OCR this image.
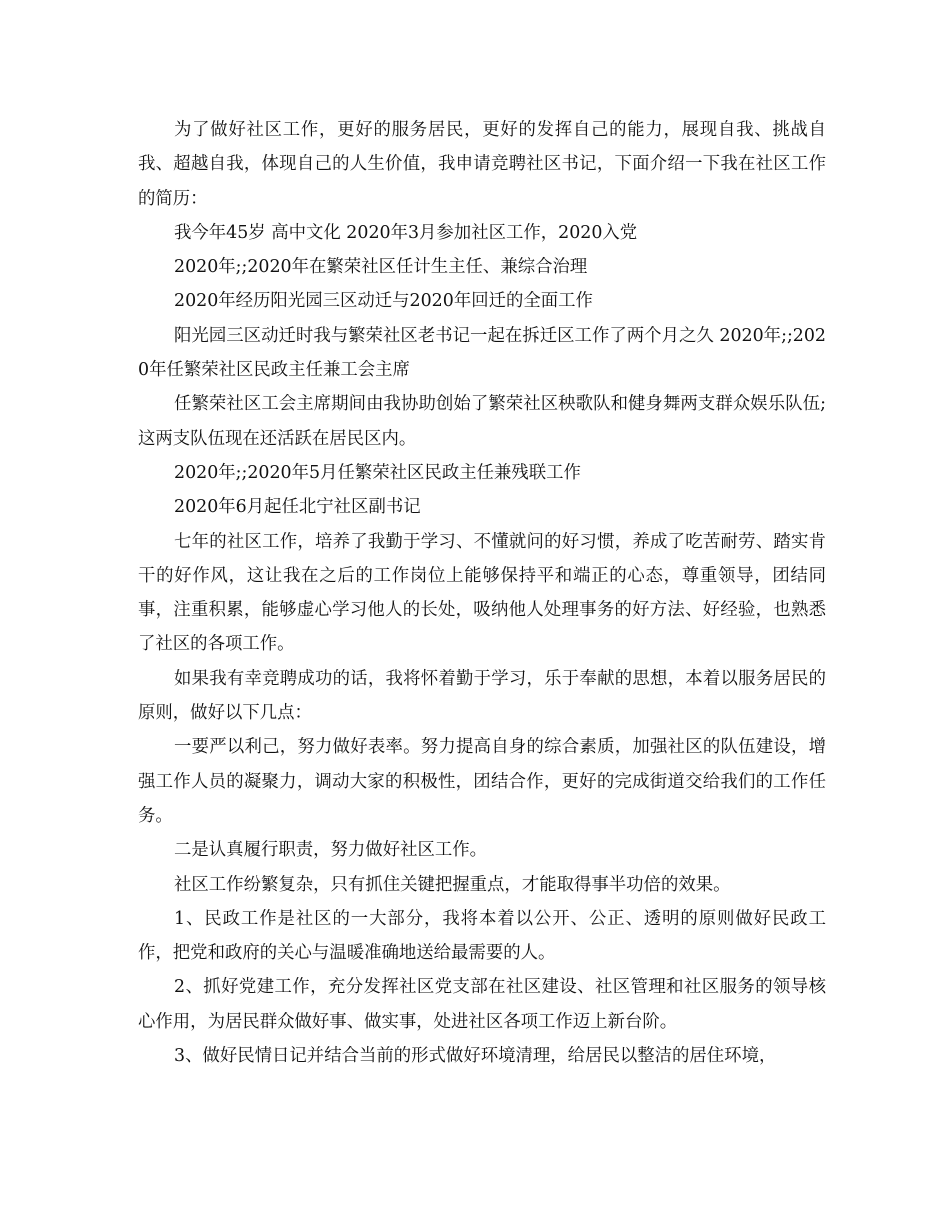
为了做好社区工作，更好的服务居民，更好的发挥自己的能力，展现自我、挑战自我、超越自我，体现自己的人生价值，我申请竞聘社区书记，下面介绍一下我在社区工作的简历：

我今年45岁 高中文化 2020年3月参加社区工作，2020入党

2020年;;2020年在繁荣社区任计生主任、兼综合治理

2020年经历阳光园三区动迁与2020年回迁的全面工作

阳光园三区动迁时我与繁荣社区老书记一起在拆迁区工作了两个月之久 2020年;;2020年任繁荣社区民政主任兼工会主席

任繁荣社区工会主席期间由我协助创始了繁荣社区秧歌队和健身舞两支群众娱乐队伍;这两支队伍现在还活跃在居民区内。

2020年;;2020年5月任繁荣社区民政主任兼残联工作

2020年6月起任北宁社区副书记

七年的社区工作，培养了我勤于学习、不懂就问的好习惯，养成了吃苦耐劳、踏实肯干的好作风，这让我在之后的工作岗位上能够保持平和端正的心态，尊重领导，团结同事，注重积累，能够虚心学习他人的长处，吸纳他人处理事务的好方法、好经验，也熟悉了社区的各项工作。

如果我有幸竞聘成功的话，我将怀着勤于学习，乐于奉献的思想，本着以服务居民的原则，做好以下几点：

一要严以利己，努力做好表率。努力提高自身的综合素质，加强社区的队伍建设，增强工作人员的凝聚力，调动大家的积极性，团结合作，更好的完成街道交给我们的工作任务。

二是认真履行职责，努力做好社区工作。

社区工作纷繁复杂，只有抓住关键把握重点，才能取得事半功倍的效果。

1、民政工作是社区的一大部分，我将本着以公开、公正、透明的原则做好民政工作，把党和政府的关心与温暖准确地送给最需要的人。

2、抓好党建工作，充分发挥社区党支部在社区建设、社区管理和社区服务的领导核心作用，为居民群众做好事、做实事，处进社区各项工作迈上新台阶。

3、做好民情日记并结合当前的形式做好环境清理，给居民以整洁的居住环境，
